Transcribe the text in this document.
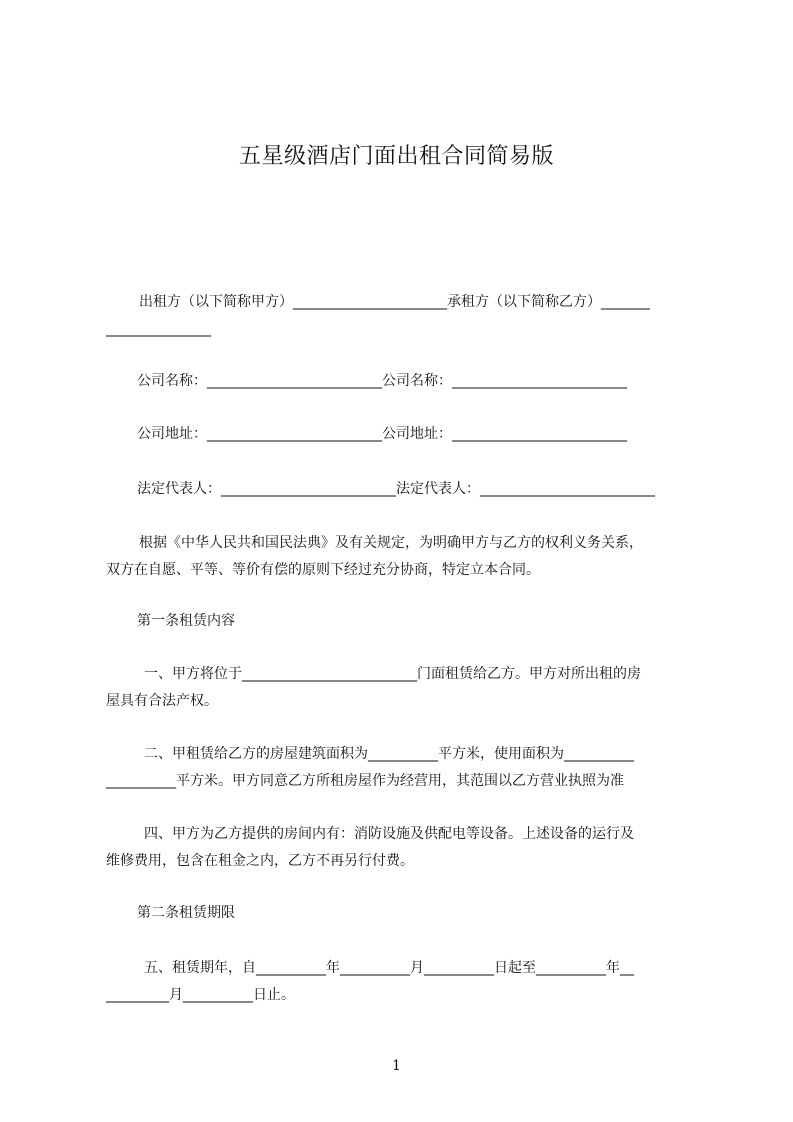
五星级酒店门面出租合同简易版
出租方（以下简称甲方）______________________承租方（以下简称乙方）_______
_______________
公司名称：_________________________公司名称：_________________________
公司地址：_________________________公司地址：_________________________
法定代表人：_________________________法定代表人：_________________________
根据《中华人民共和国民法典》及有关规定，为明确甲方与乙方的权利义务关系，
双方在自愿、平等、等价有偿的原则下经过充分协商，特定立本合同。
第一条租赁内容
一、甲方将位于_________________________门面租赁给乙方。甲方对所出租的房
屋具有合法产权。
二、甲租赁给乙方的房屋建筑面积为__________平方米，使用面积为__________
__________平方米。甲方同意乙方所租房屋作为经营用，其范围以乙方营业执照为准
四、甲方为乙方提供的房间内有：消防设施及供配电等设备。上述设备的运行及
维修费用，包含在租金之内，乙方不再另行付费。
第二条租赁期限
五、租赁期年，自__________年__________月__________日起至__________年__
_________月__________日止。
1
